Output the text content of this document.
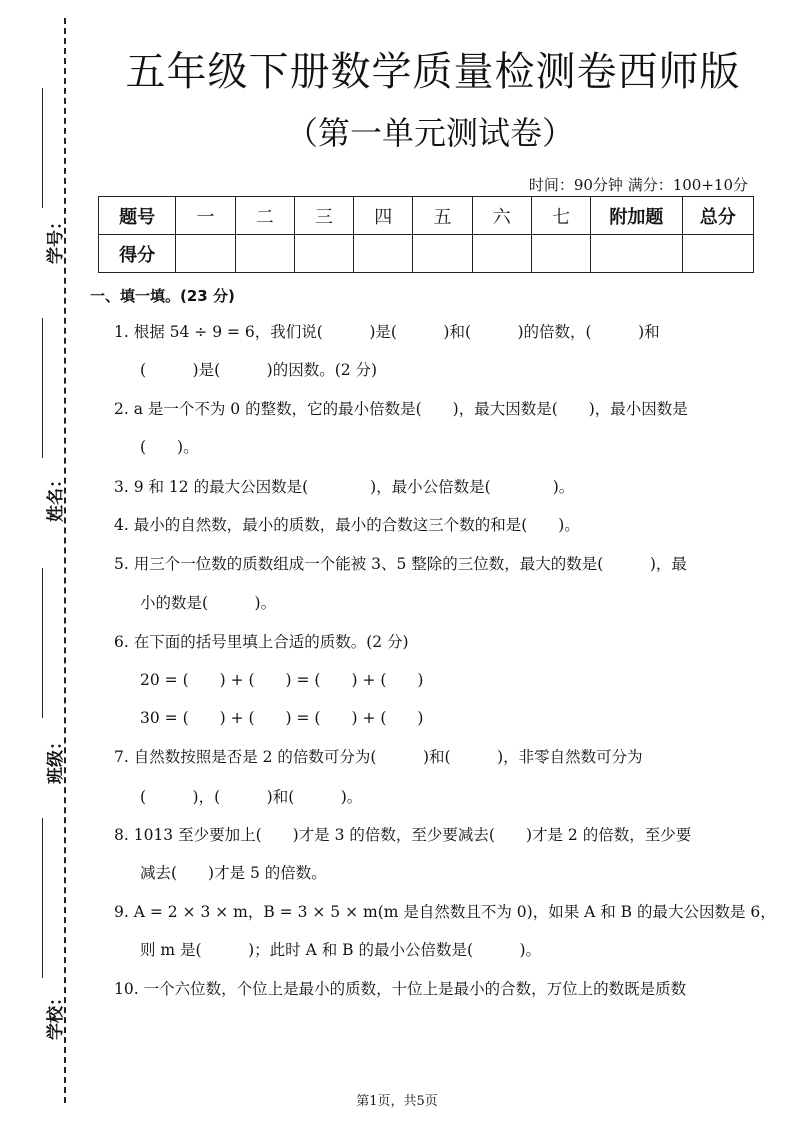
学号：
姓名：
班级：
学校：
五年级下册数学质量检测卷西师版
（第一单元测试卷）
时间：90分钟 满分：100+10分
题号	一	二	三	四	五	六	七	附加题	总分
得分									
一、填一填。(23 分)
1. 根据 54 ÷ 9 = 6，我们说(　　　)是(　　　)和(　　　)的倍数，(　　　)和
(　　　)是(　　　)的因数。(2 分)
2. a 是一个不为 0 的整数，它的最小倍数是(　　)，最大因数是(　　)，最小因数是
(　　)。
3. 9 和 12 的最大公因数是(　　　　)，最小公倍数是(　　　　)。
4. 最小的自然数，最小的质数，最小的合数这三个数的和是(　　)。
5. 用三个一位数的质数组成一个能被 3、5 整除的三位数，最大的数是(　　　)，最
小的数是(　　　)。
6. 在下面的括号里填上合适的质数。(2 分)
20 = (　　) + (　　) = (　　) + (　　)
30 = (　　) + (　　) = (　　) + (　　)
7. 自然数按照是否是 2 的倍数可分为(　　　)和(　　　)，非零自然数可分为
(　　　)，(　　　)和(　　　)。
8. 1013 至少要加上(　　)才是 3 的倍数，至少要减去(　　)才是 2 的倍数，至少要
减去(　　)才是 5 的倍数。
9. A = 2 × 3 × m，B = 3 × 5 × m(m 是自然数且不为 0)，如果 A 和 B 的最大公因数是 6，
则 m 是(　　　)；此时 A 和 B 的最小公倍数是(　　　)。
10. 一个六位数，个位上是最小的质数，十位上是最小的合数，万位上的数既是质数
第1页，共5页
